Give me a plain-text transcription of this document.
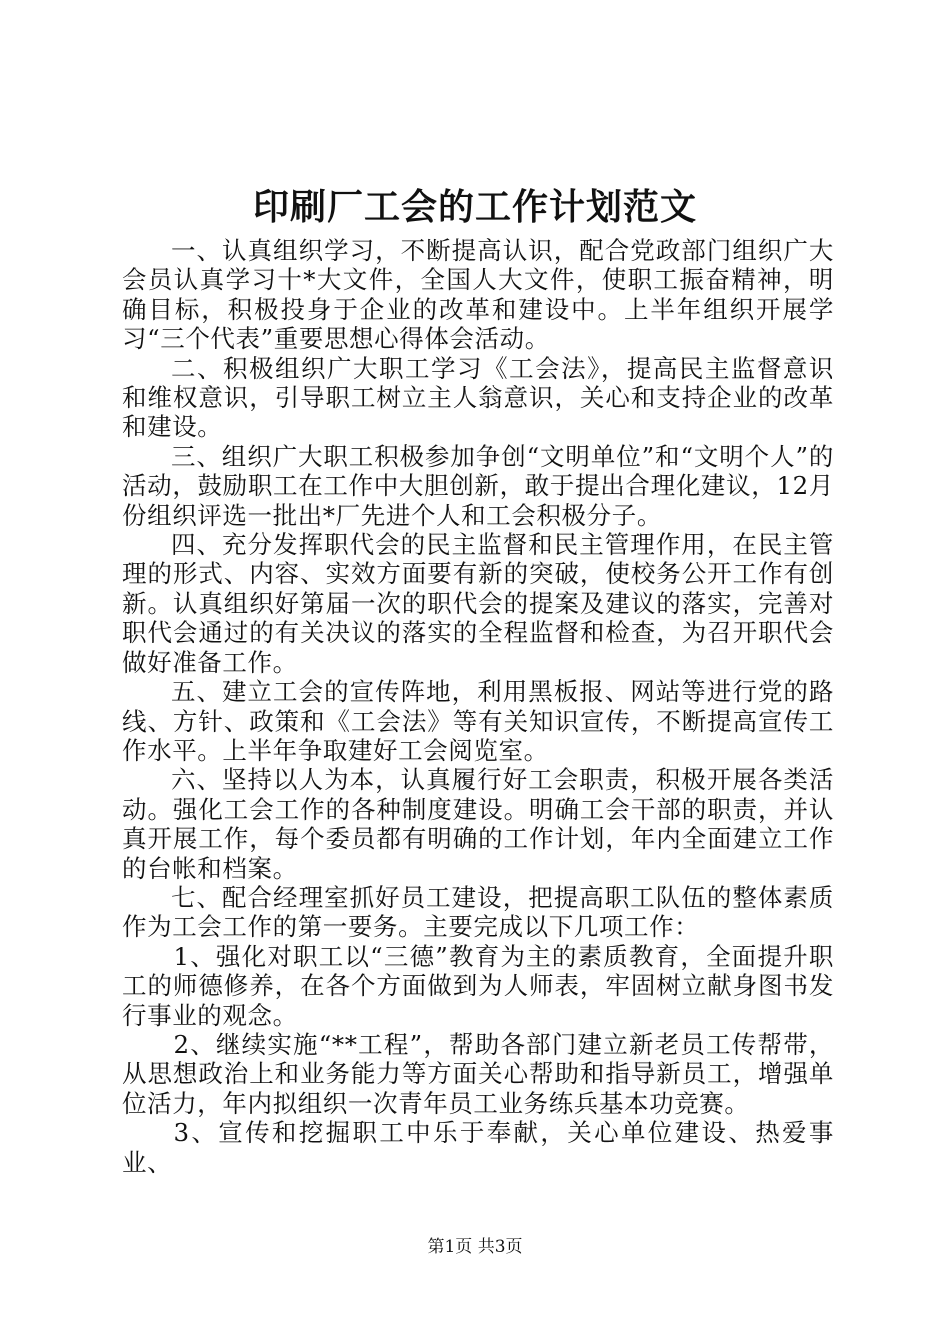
印刷厂工会的工作计划范文

一、认真组织学习，不断提高认识，配合党政部门组织广大会员认真学习十*大文件，全国人大文件，使职工振奋精神，明确目标，积极投身于企业的改革和建设中。上半年组织开展学习“三个代表”重要思想心得体会活动。

二、积极组织广大职工学习《工会法》，提高民主监督意识和维权意识，引导职工树立主人翁意识，关心和支持企业的改革和建设。

三、组织广大职工积极参加争创“文明单位”和“文明个人”的活动，鼓励职工在工作中大胆创新，敢于提出合理化建议，12月份组织评选一批出*厂先进个人和工会积极分子。

四、充分发挥职代会的民主监督和民主管理作用，在民主管理的形式、内容、实效方面要有新的突破，使校务公开工作有创新。认真组织好第届一次的职代会的提案及建议的落实，完善对职代会通过的有关决议的落实的全程监督和检查，为召开职代会做好准备工作。

五、建立工会的宣传阵地，利用黑板报、网站等进行党的路线、方针、政策和《工会法》等有关知识宣传，不断提高宣传工作水平。上半年争取建好工会阅览室。

六、坚持以人为本，认真履行好工会职责，积极开展各类活动。强化工会工作的各种制度建设。明确工会干部的职责，并认真开展工作，每个委员都有明确的工作计划，年内全面建立工作的台帐和档案。

七、配合经理室抓好员工建设，把提高职工队伍的整体素质作为工会工作的第一要务。主要完成以下几项工作：

1、强化对职工以“三德”教育为主的素质教育，全面提升职工的师德修养，在各个方面做到为人师表，牢固树立献身图书发行事业的观念。

2、继续实施“**工程”，帮助各部门建立新老员工传帮带，从思想政治上和业务能力等方面关心帮助和指导新员工，增强单位活力，年内拟组织一次青年员工业务练兵基本功竞赛。

3、宣传和挖掘职工中乐于奉献，关心单位建设、热爱事业、

第1页 共3页
